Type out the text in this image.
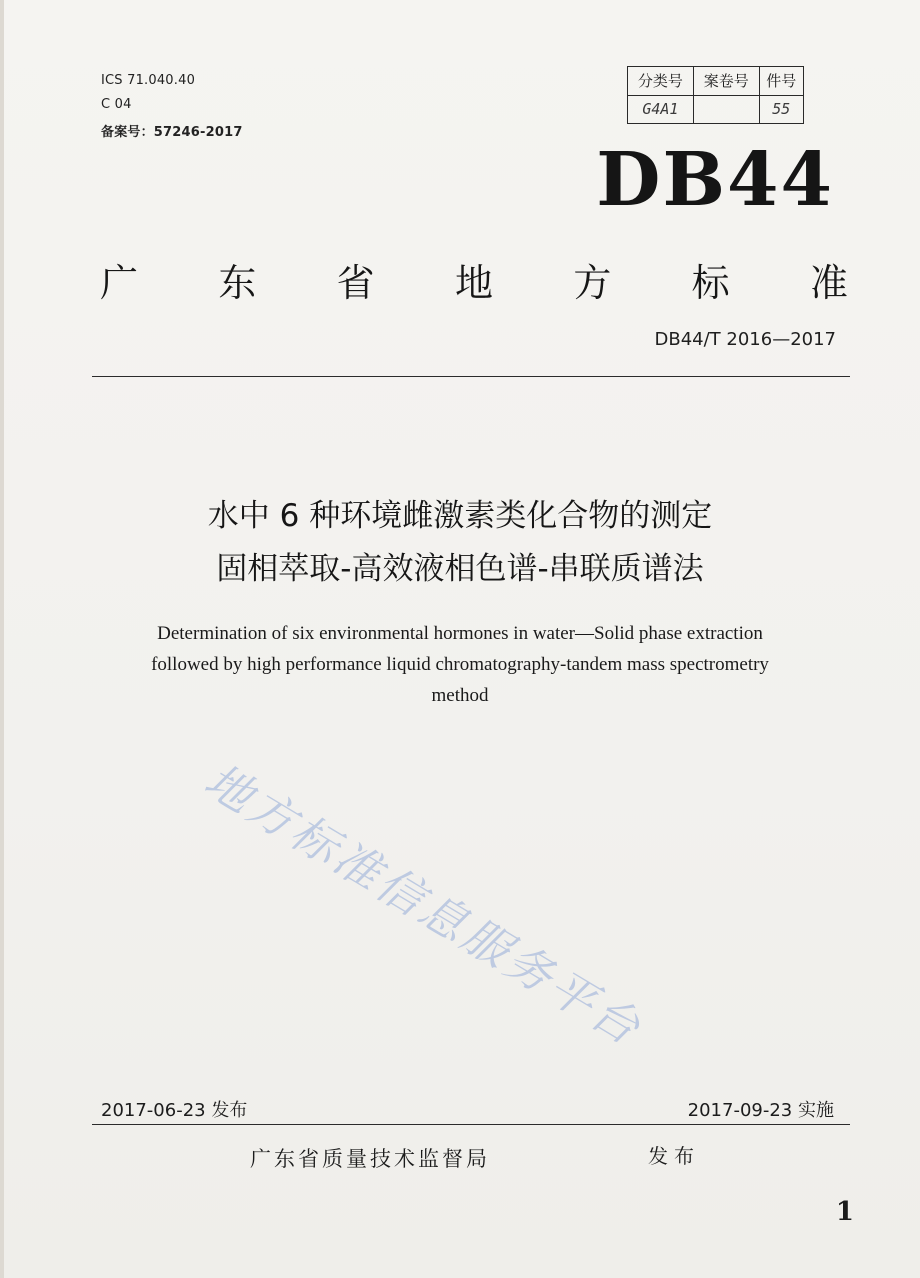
ICS 71.040.40
C 04
备案号：57246-2017
分类号	案卷号	件号
G4A1		55
DB44
广 东 省 地 方 标 准
DB44/T 2016—2017
水中 6 种环境雌激素类化合物的测定
固相萃取-高效液相色谱-串联质谱法
Determination of six environmental hormones in water—Solid phase extraction
followed by high performance liquid chromatography-tandem mass spectrometry
method
地方标准信息服务平台
2017-06-23 发布	2017-09-23 实施
广东省质量技术监督局	发布
1
